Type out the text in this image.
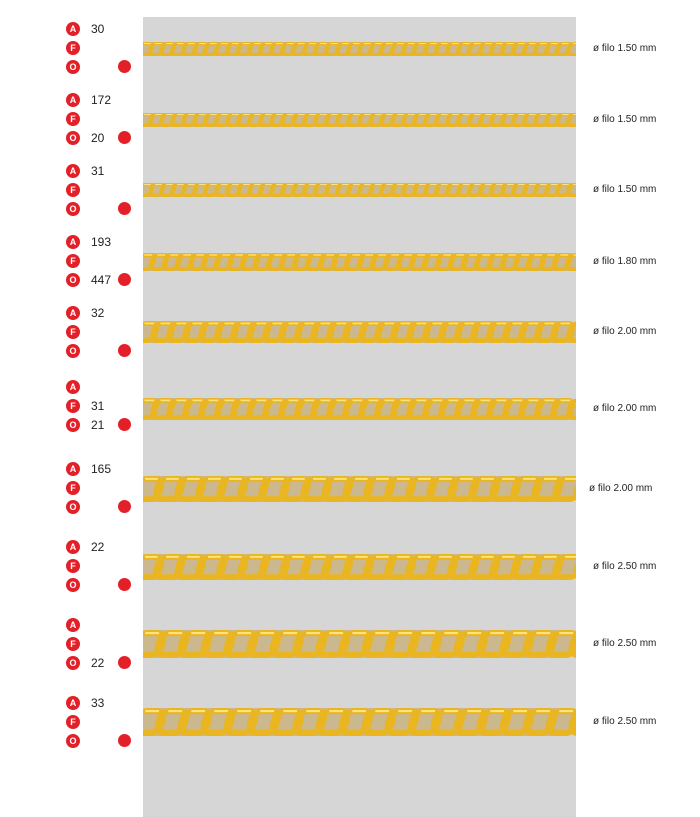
A	30
F
O
ø filo 1.50 mm
A	172
F
O 20
ø filo 1.50 mm
A	31
F
O
ø filo 1.50 mm
A	193
F
O 447
ø filo 1.80 mm
A	32
F
O
ø filo 2.00 mm
A
F	31
O 21
ø filo 2.00 mm
A	165
F
O
ø filo 2.00 mm
A	22
F
O
ø filo 2.50 mm
A
F
O 22
ø filo 2.50 mm
A	33
F
O
ø filo 2.50 mm
